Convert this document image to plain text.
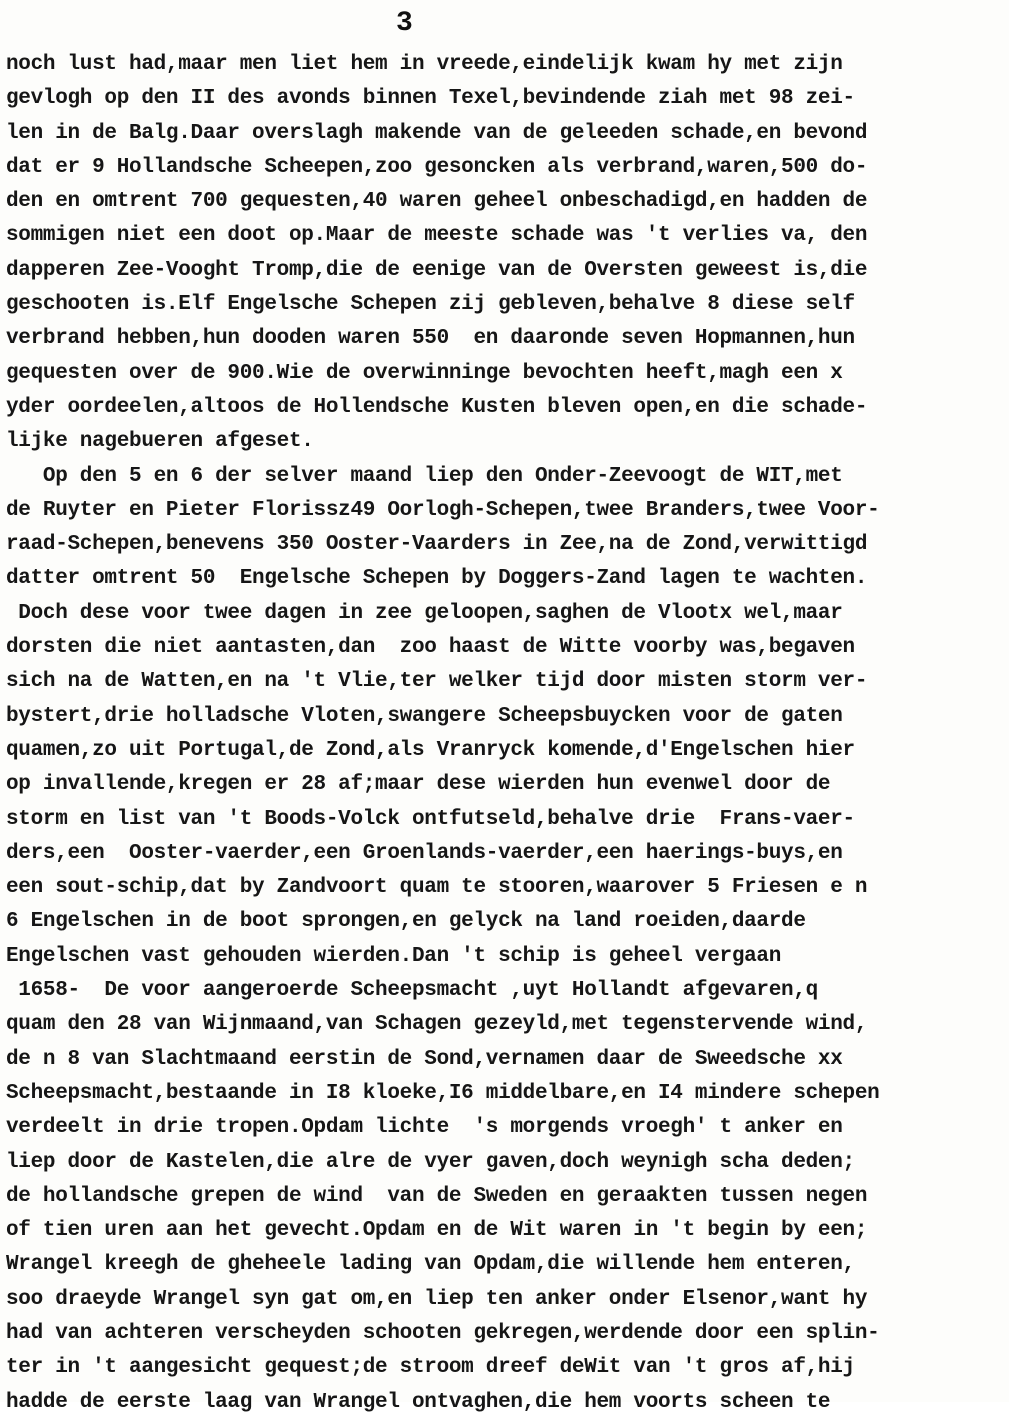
3
noch lust had,maar men liet hem in vreede,eindelijk kwam hy met zijn
gevlogh op den II des avonds binnen Texel,bevindende ziah met 98 zei-
len in de Balg.Daar overslagh makende van de geleeden schade,en bevond
dat er 9 Hollandsche Scheepen,zoo gesoncken als verbrand,waren,500 do-
den en omtrent 700 gequesten,40 waren geheel onbeschadigd,en hadden de
sommigen niet een doot op.Maar de meeste schade was 't verlies va, den
dapperen Zee-Vooght Tromp,die de eenige van de Oversten geweest is,die
geschooten is.Elf Engelsche Schepen zij gebleven,behalve 8 diese self
verbrand hebben,hun dooden waren 550  en daaronde seven Hopmannen,hun
gequesten over de 900.Wie de overwinninge bevochten heeft,magh een x
yder oordeelen,altoos de Hollendsche Kusten bleven open,en die schade-
lijke nagebueren afgeset.
Op den 5 en 6 der selver maand liep den Onder-Zeevoogt de WIT,met
de Ruyter en Pieter Florissz49 Oorlogh-Schepen,twee Branders,twee Voor-
raad-Schepen,benevens 350 Ooster-Vaarders in Zee,na de Zond,verwittigd
datter omtrent 50  Engelsche Schepen by Doggers-Zand lagen te wachten.
Doch dese voor twee dagen in zee geloopen,saghen de Vlootx wel,maar
dorsten die niet aantasten,dan  zoo haast de Witte voorby was,begaven
sich na de Watten,en na 't Vlie,ter welker tijd door misten storm ver-
bystert,drie holladsche Vloten,swangere Scheepsbuycken voor de gaten
quamen,zo uit Portugal,de Zond,als Vranryck komende,d'Engelschen hier
op invallende,kregen er 28 af;maar dese wierden hun evenwel door de
storm en list van 't Boods-Volck ontfutseld,behalve drie  Frans-vaer-
ders,een  Ooster-vaerder,een Groenlands-vaerder,een haerings-buys,en
een sout-schip,dat by Zandvoort quam te stooren,waarover 5 Friesen e n
6 Engelschen in de boot sprongen,en gelyck na land roeiden,daarde
Engelschen vast gehouden wierden.Dan 't schip is geheel vergaan
1658-  De voor aangeroerde Scheepsmacht ,uyt Hollandt afgevaren,q
quam den 28 van Wijnmaand,van Schagen gezeyld,met tegenstervende wind,
de n 8 van Slachtmaand eerstin de Sond,vernamen daar de Sweedsche xx
Scheepsmacht,bestaande in I8 kloeke,I6 middelbare,en I4 mindere schepen
verdeelt in drie tropen.Opdam lichte  's morgends vroegh' t anker en
liep door de Kastelen,die alre de vyer gaven,doch weynigh scha deden;
de hollandsche grepen de wind  van de Sweden en geraakten tussen negen
of tien uren aan het gevecht.Opdam en de Wit waren in 't begin by een;
Wrangel kreegh de gheheele lading van Opdam,die willende hem enteren,
soo draeyde Wrangel syn gat om,en liep ten anker onder Elsenor,want hy
had van achteren verscheyden schooten gekregen,werdende door een splin-
ter in 't aangesicht gequest;de stroom dreef deWit van 't gros af,hij
hadde de eerste laag van Wrangel ontvaghen,die hem voorts scheen te
